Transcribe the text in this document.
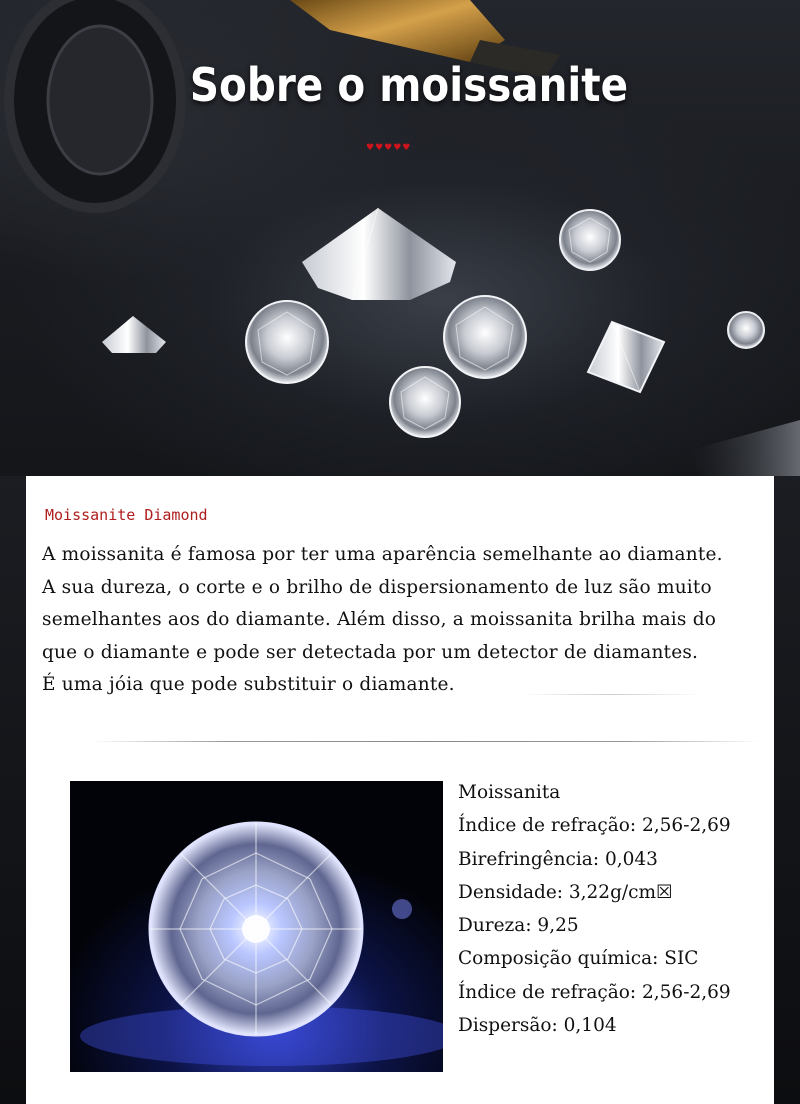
Sobre o moissanite
♥♥♥♥♥
Moissanite Diamond
A moissanita é famosa por ter uma aparência semelhante ao diamante.
A sua dureza, o corte e o brilho de dispersionamento de luz são muito
semelhantes aos do diamante. Além disso, a moissanita brilha mais do
que o diamante e pode ser detectada por um detector de diamantes.
É uma jóia que pode substituir o diamante.
Moissanita
Índice de refração: 2,56-2,69
Birefringência: 0,043
Densidade: 3,22g/cm☒
Dureza: 9,25
Composição química: SIC
Índice de refração: 2,56-2,69
Dispersão: 0,104
